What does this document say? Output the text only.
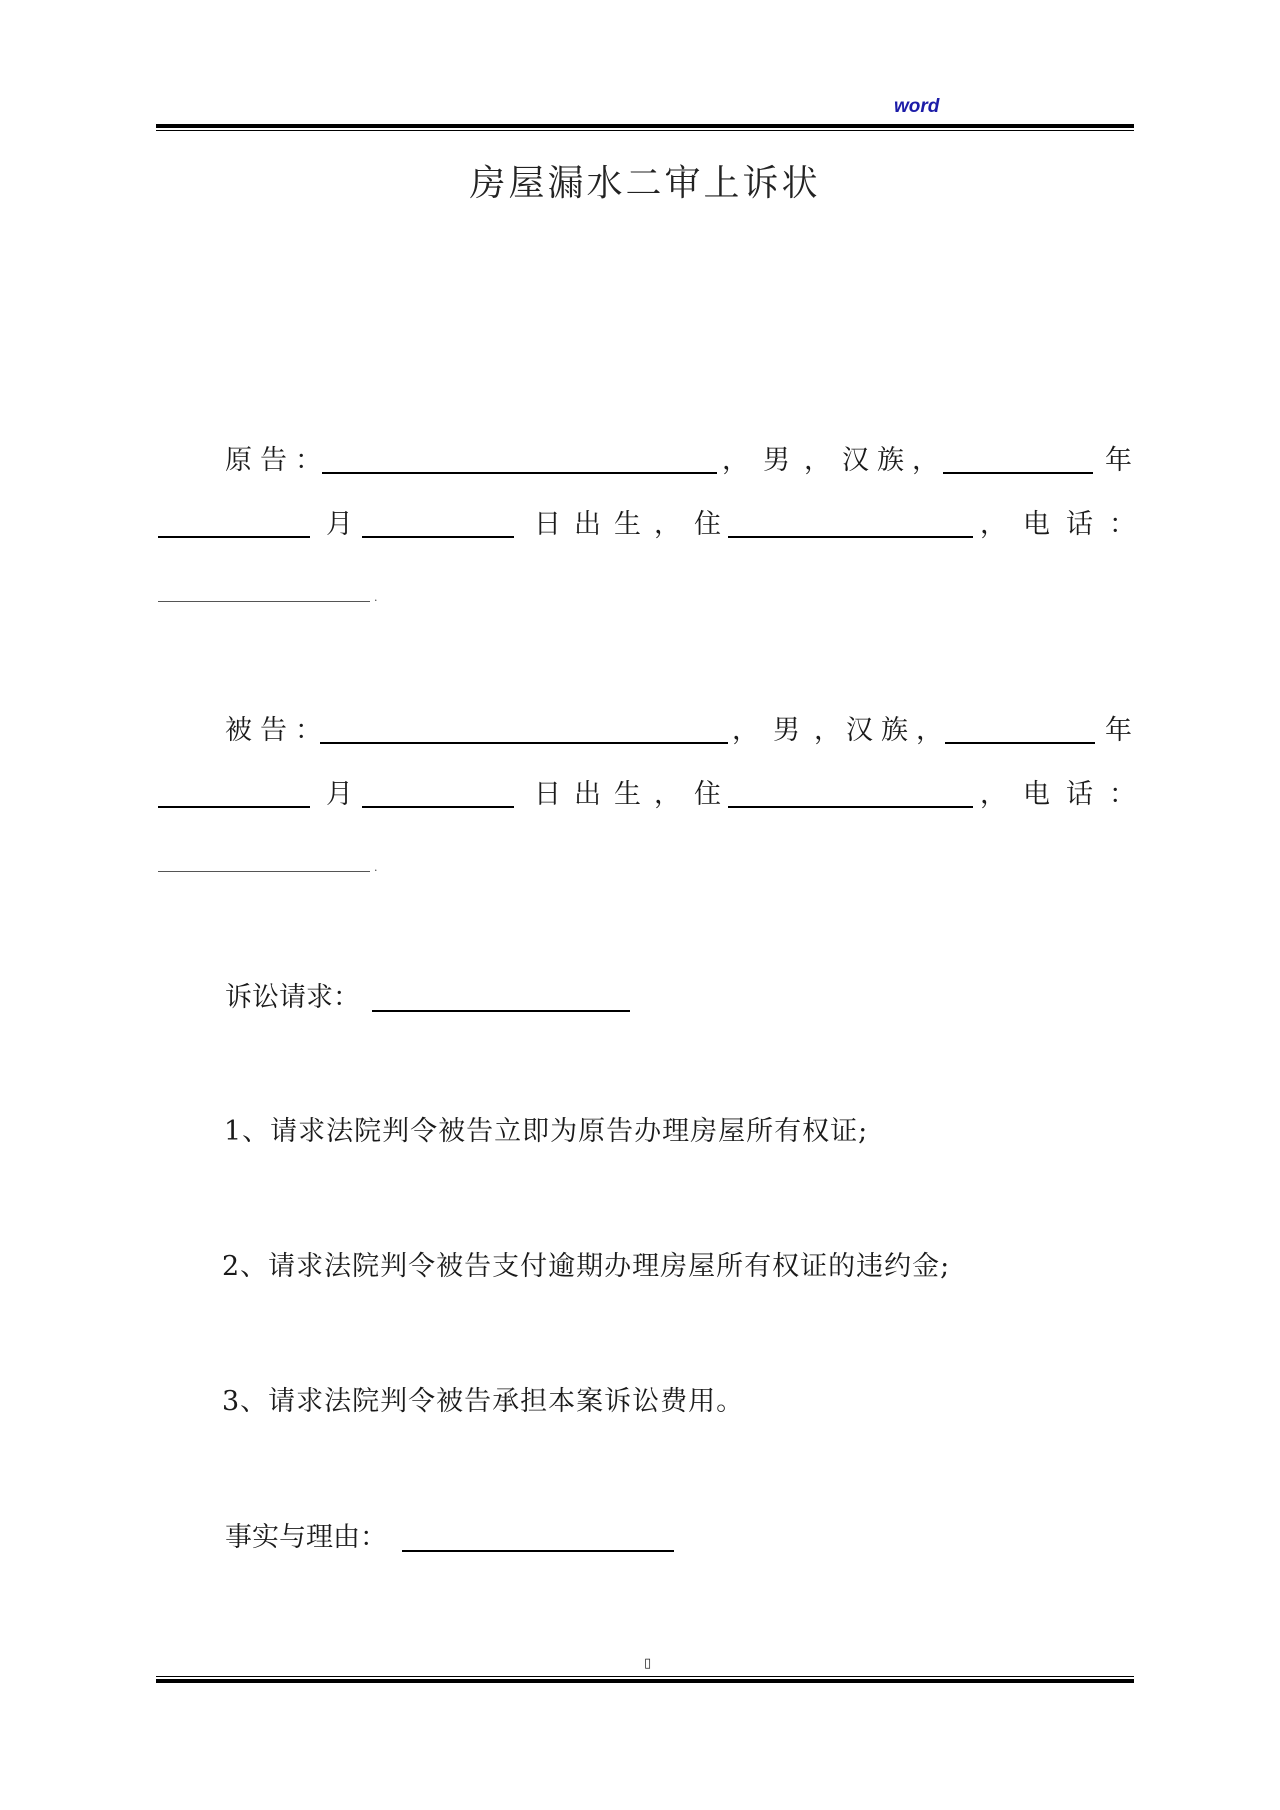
word
房屋漏水二审上诉状
原告：	，男，
汉族，	年
月	日出生， 住	，电话：
.
被告：	，男，
汉族，	年
月	日出生， 住	，电话：
.
诉讼请求：
1、请求法院判令被告立即为原告办理房屋所有权证;
2、请求法院判令被告支付逾期办理房屋所有权证的违约金;
3、请求法院判令被告承担本案诉讼费用。
事实与理由：
▯
